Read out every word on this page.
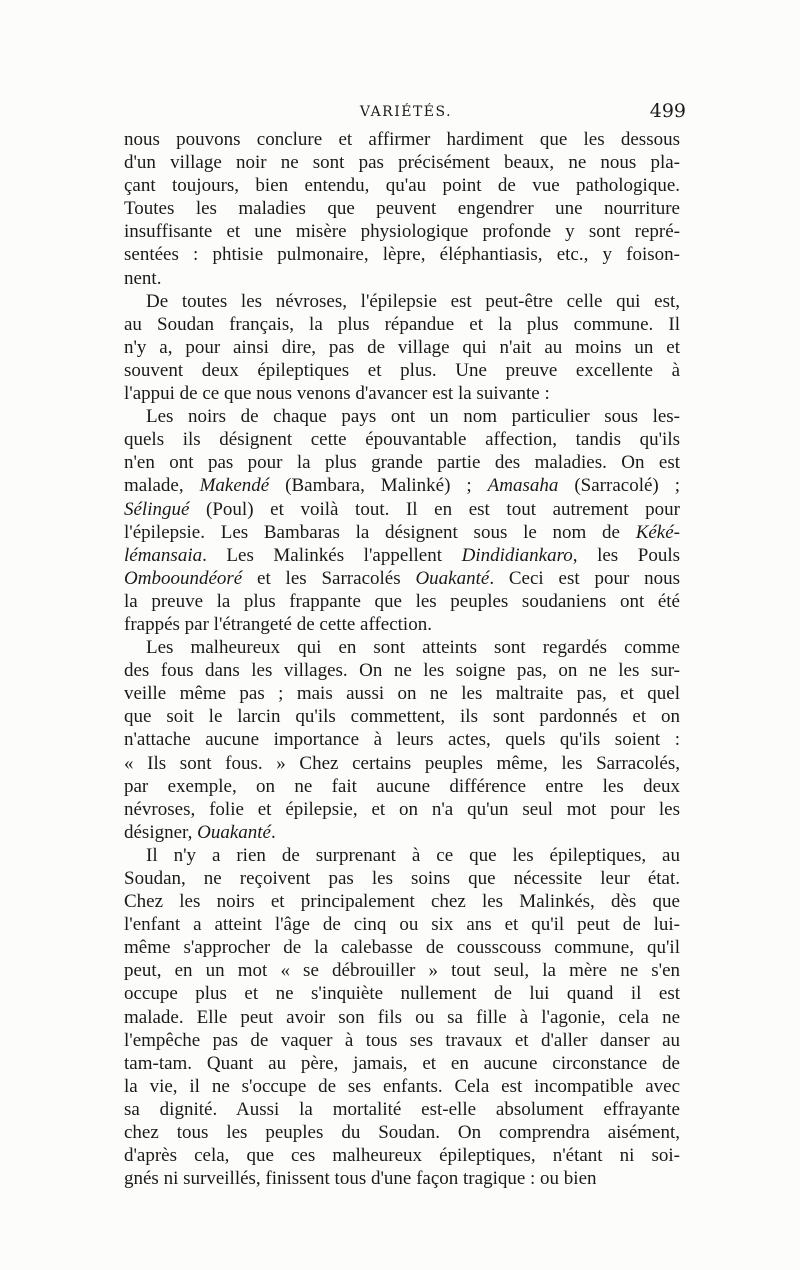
VARIÉTÉS.	499
nous pouvons conclure et affirmer hardiment que les dessous
d'un village noir ne sont pas précisément beaux, ne nous pla-
çant toujours, bien entendu, qu'au point de vue pathologique.
Toutes les maladies que peuvent engendrer une nourriture
insuffisante et une misère physiologique profonde y sont repré-
sentées : phtisie pulmonaire, lèpre, éléphantiasis, etc., y foison-
nent.
De toutes les névroses, l'épilepsie est peut-être celle qui est,
au Soudan français, la plus répandue et la plus commune. Il
n'y a, pour ainsi dire, pas de village qui n'ait au moins un et
souvent deux épileptiques et plus. Une preuve excellente à
l'appui de ce que nous venons d'avancer est la suivante :
Les noirs de chaque pays ont un nom particulier sous les-
quels ils désignent cette épouvantable affection, tandis qu'ils
n'en ont pas pour la plus grande partie des maladies. On est
malade, Makendé (Bambara, Malinké) ; Amasaha (Sarracolé) ;
Sélingué (Poul) et voilà tout. Il en est tout autrement pour
l'épilepsie. Les Bambaras la désignent sous le nom de Kéké-
lémansaia. Les Malinkés l'appellent Dindidiankaro, les Pouls
Ombooundéoré et les Sarracolés Ouakanté. Ceci est pour nous
la preuve la plus frappante que les peuples soudaniens ont été
frappés par l'étrangeté de cette affection.
Les malheureux qui en sont atteints sont regardés comme
des fous dans les villages. On ne les soigne pas, on ne les sur-
veille même pas ; mais aussi on ne les maltraite pas, et quel
que soit le larcin qu'ils commettent, ils sont pardonnés et on
n'attache aucune importance à leurs actes, quels qu'ils soient :
« Ils sont fous. » Chez certains peuples même, les Sarracolés,
par exemple, on ne fait aucune différence entre les deux
névroses, folie et épilepsie, et on n'a qu'un seul mot pour les
désigner, Ouakanté.
Il n'y a rien de surprenant à ce que les épileptiques, au
Soudan, ne reçoivent pas les soins que nécessite leur état.
Chez les noirs et principalement chez les Malinkés, dès que
l'enfant a atteint l'âge de cinq ou six ans et qu'il peut de lui-
même s'approcher de la calebasse de cousscouss commune, qu'il
peut, en un mot « se débrouiller » tout seul, la mère ne s'en
occupe plus et ne s'inquiète nullement de lui quand il est
malade. Elle peut avoir son fils ou sa fille à l'agonie, cela ne
l'empêche pas de vaquer à tous ses travaux et d'aller danser au
tam-tam. Quant au père, jamais, et en aucune circonstance de
la vie, il ne s'occupe de ses enfants. Cela est incompatible avec
sa dignité. Aussi la mortalité est-elle absolument effrayante
chez tous les peuples du Soudan. On comprendra aisément,
d'après cela, que ces malheureux épileptiques, n'étant ni soi-
gnés ni surveillés, finissent tous d'une façon tragique : ou bien
